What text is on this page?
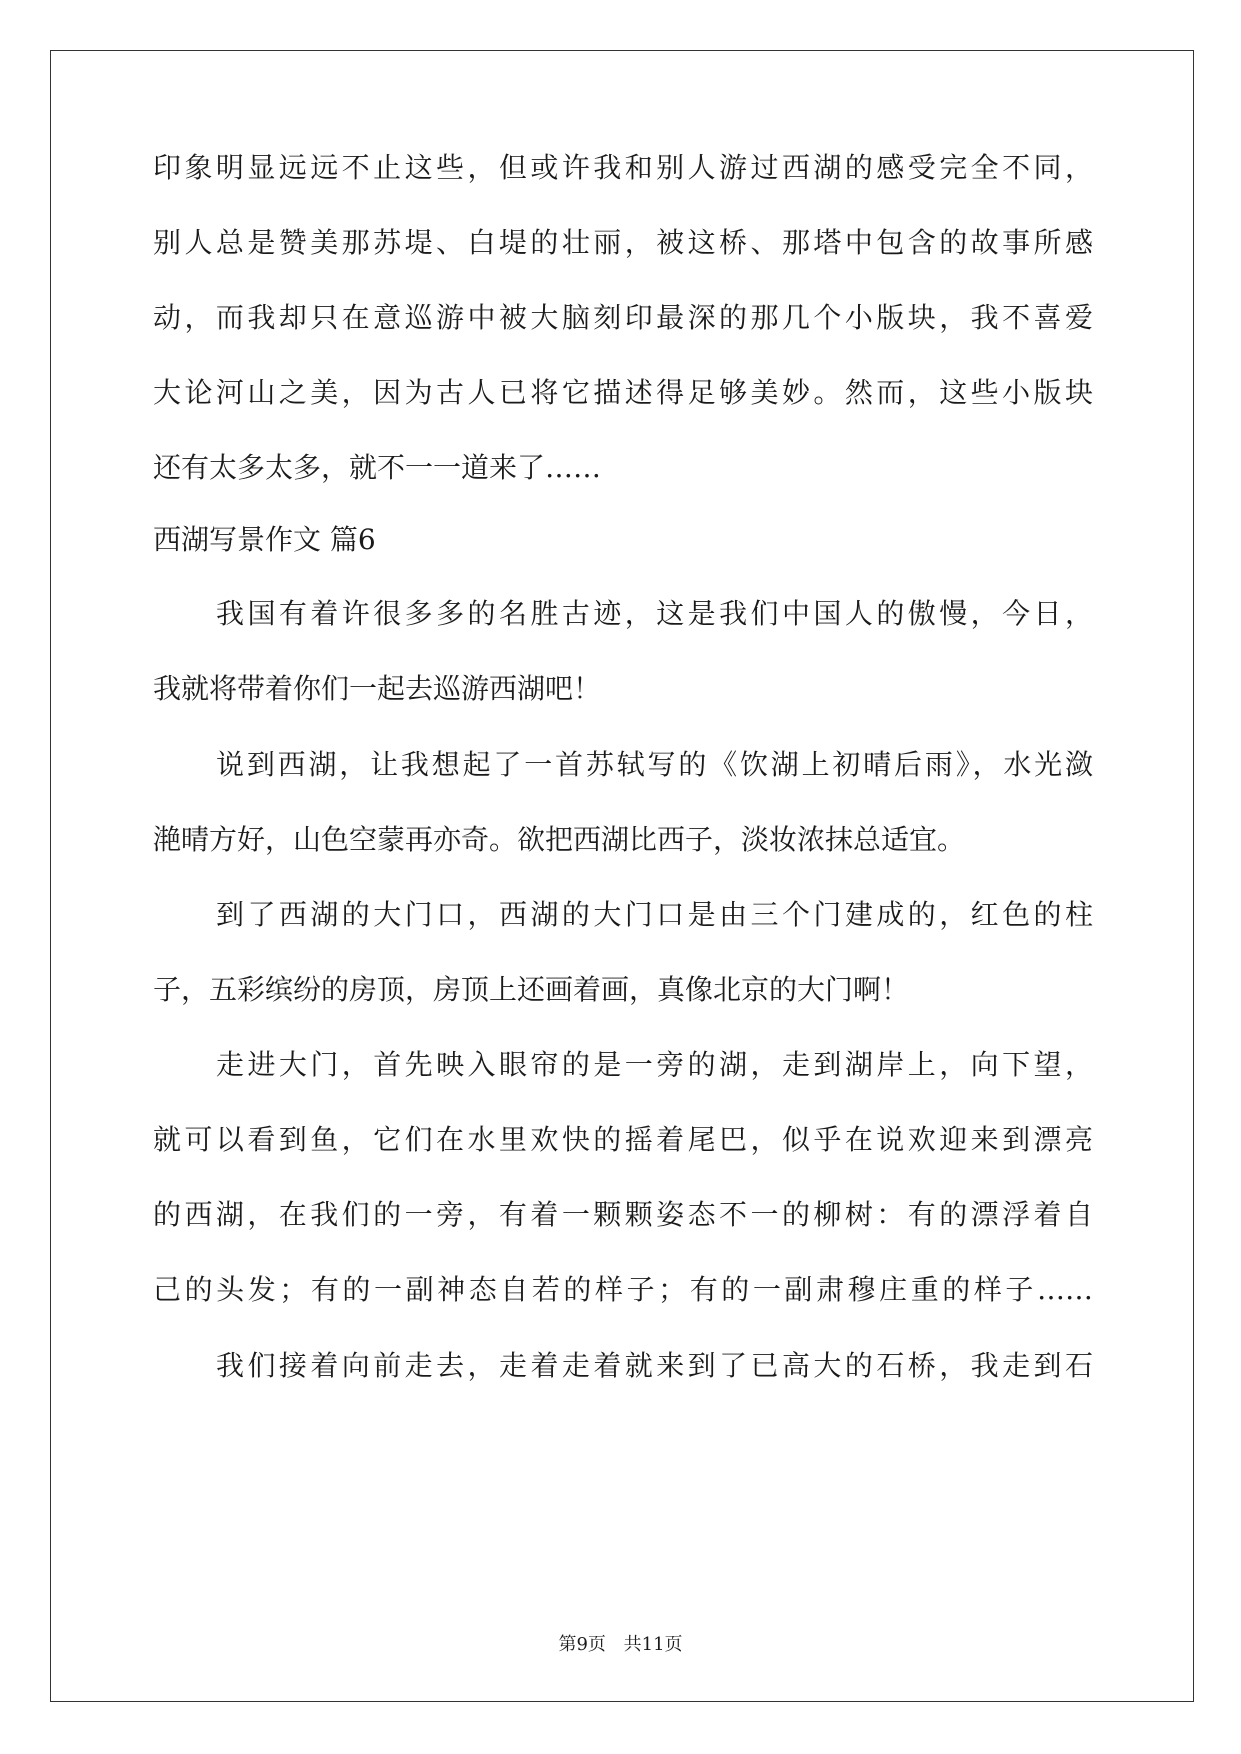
印象明显远远不止这些，但或许我和别人游过西湖的感受完全不同，
别人总是赞美那苏堤、白堤的壮丽，被这桥、那塔中包含的故事所感
动，而我却只在意巡游中被大脑刻印最深的那几个小版块，我不喜爱
大论河山之美，因为古人已将它描述得足够美妙。然而，这些小版块
还有太多太多，就不一一道来了……
西湖写景作文 篇6
我国有着许很多多的名胜古迹，这是我们中国人的傲慢，今日，
我就将带着你们一起去巡游西湖吧！
说到西湖，让我想起了一首苏轼写的《饮湖上初晴后雨》，水光潋
滟晴方好，山色空蒙再亦奇。欲把西湖比西子，淡妆浓抹总适宜。
到了西湖的大门口，西湖的大门口是由三个门建成的，红色的柱
子，五彩缤纷的房顶，房顶上还画着画，真像北京的大门啊！
走进大门，首先映入眼帘的是一旁的湖，走到湖岸上，向下望，
就可以看到鱼，它们在水里欢快的摇着尾巴，似乎在说欢迎来到漂亮
的西湖，在我们的一旁，有着一颗颗姿态不一的柳树：有的漂浮着自
己的头发；有的一副神态自若的样子；有的一副肃穆庄重的样子……
我们接着向前走去，走着走着就来到了已高大的石桥，我走到石
第9页 共11页
